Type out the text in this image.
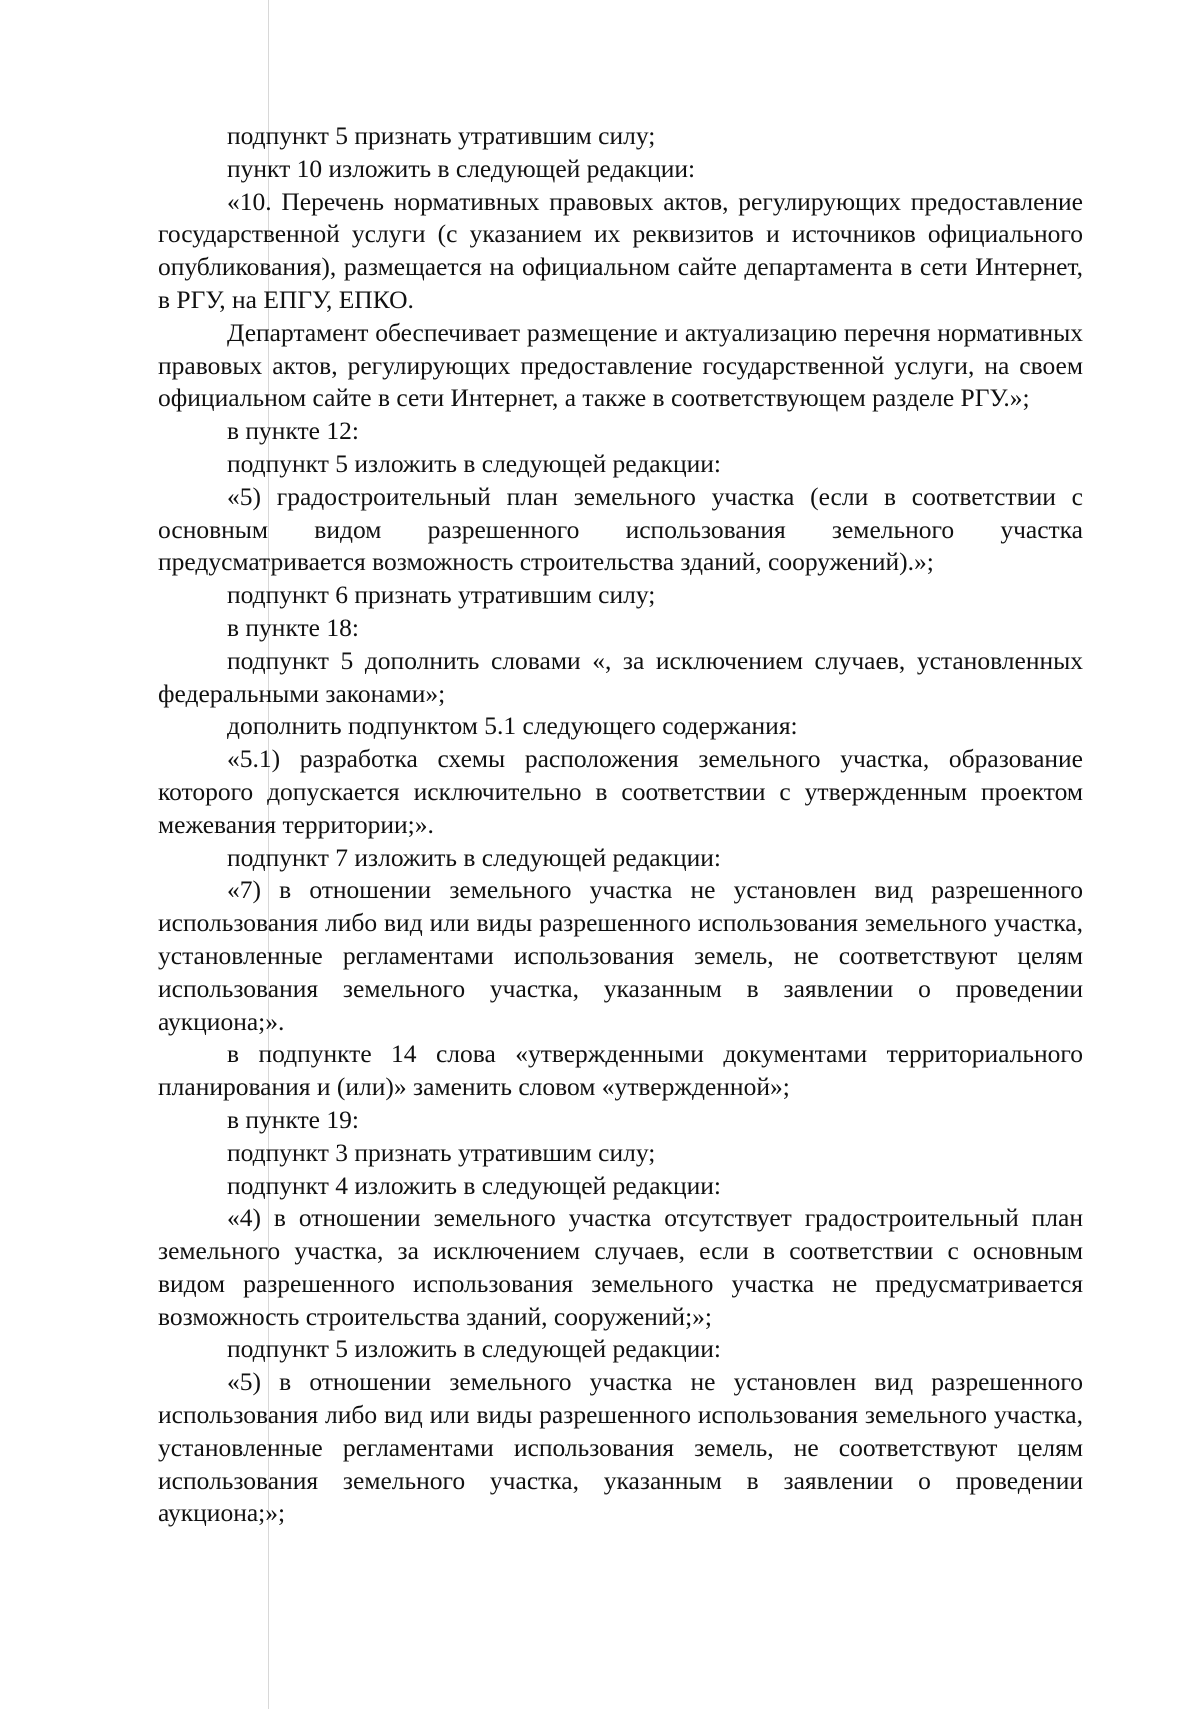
подпункт 5 признать утратившим силу;

пункт 10 изложить в следующей редакции:

«10. Перечень нормативных правовых актов, регулирующих предоставление государственной услуги (с указанием их реквизитов и источников официального опубликования), размещается на официальном сайте департамента в сети Интернет, в РГУ, на ЕПГУ, ЕПКО.

Департамент обеспечивает размещение и актуализацию перечня нормативных правовых актов, регулирующих предоставление государственной услуги, на своем официальном сайте в сети Интернет, а также в соответствующем разделе РГУ.»;

в пункте 12:

подпункт 5 изложить в следующей редакции:

«5) градостроительный план земельного участка (если в соответствии с основным видом разрешенного использования земельного участка предусматривается возможность строительства зданий, сооружений).»;

подпункт 6 признать утратившим силу;

в пункте 18:

подпункт 5 дополнить словами «, за исключением случаев, установленных федеральными законами»;

дополнить подпунктом 5.1 следующего содержания:

«5.1) разработка схемы расположения земельного участка, образование которого допускается исключительно в соответствии с утвержденным проектом межевания территории;».

подпункт 7 изложить в следующей редакции:

«7) в отношении земельного участка не установлен вид разрешенного использования либо вид или виды разрешенного использования земельного участка, установленные регламентами использования земель, не соответствуют целям использования земельного участка, указанным в заявлении о проведении аукциона;».

в подпункте 14 слова «утвержденными документами территориального планирования и (или)» заменить словом «утвержденной»;

в пункте 19:

подпункт 3 признать утратившим силу;

подпункт 4 изложить в следующей редакции:

«4) в отношении земельного участка отсутствует градостроительный план земельного участка, за исключением случаев, если в соответствии с основным видом разрешенного использования земельного участка не предусматривается возможность строительства зданий, сооружений;»;

подпункт 5 изложить в следующей редакции:

«5) в отношении земельного участка не установлен вид разрешенного использования либо вид или виды разрешенного использования земельного участка, установленные регламентами использования земель, не соответствуют целям использования земельного участка, указанным в заявлении о проведении аукциона;»;
